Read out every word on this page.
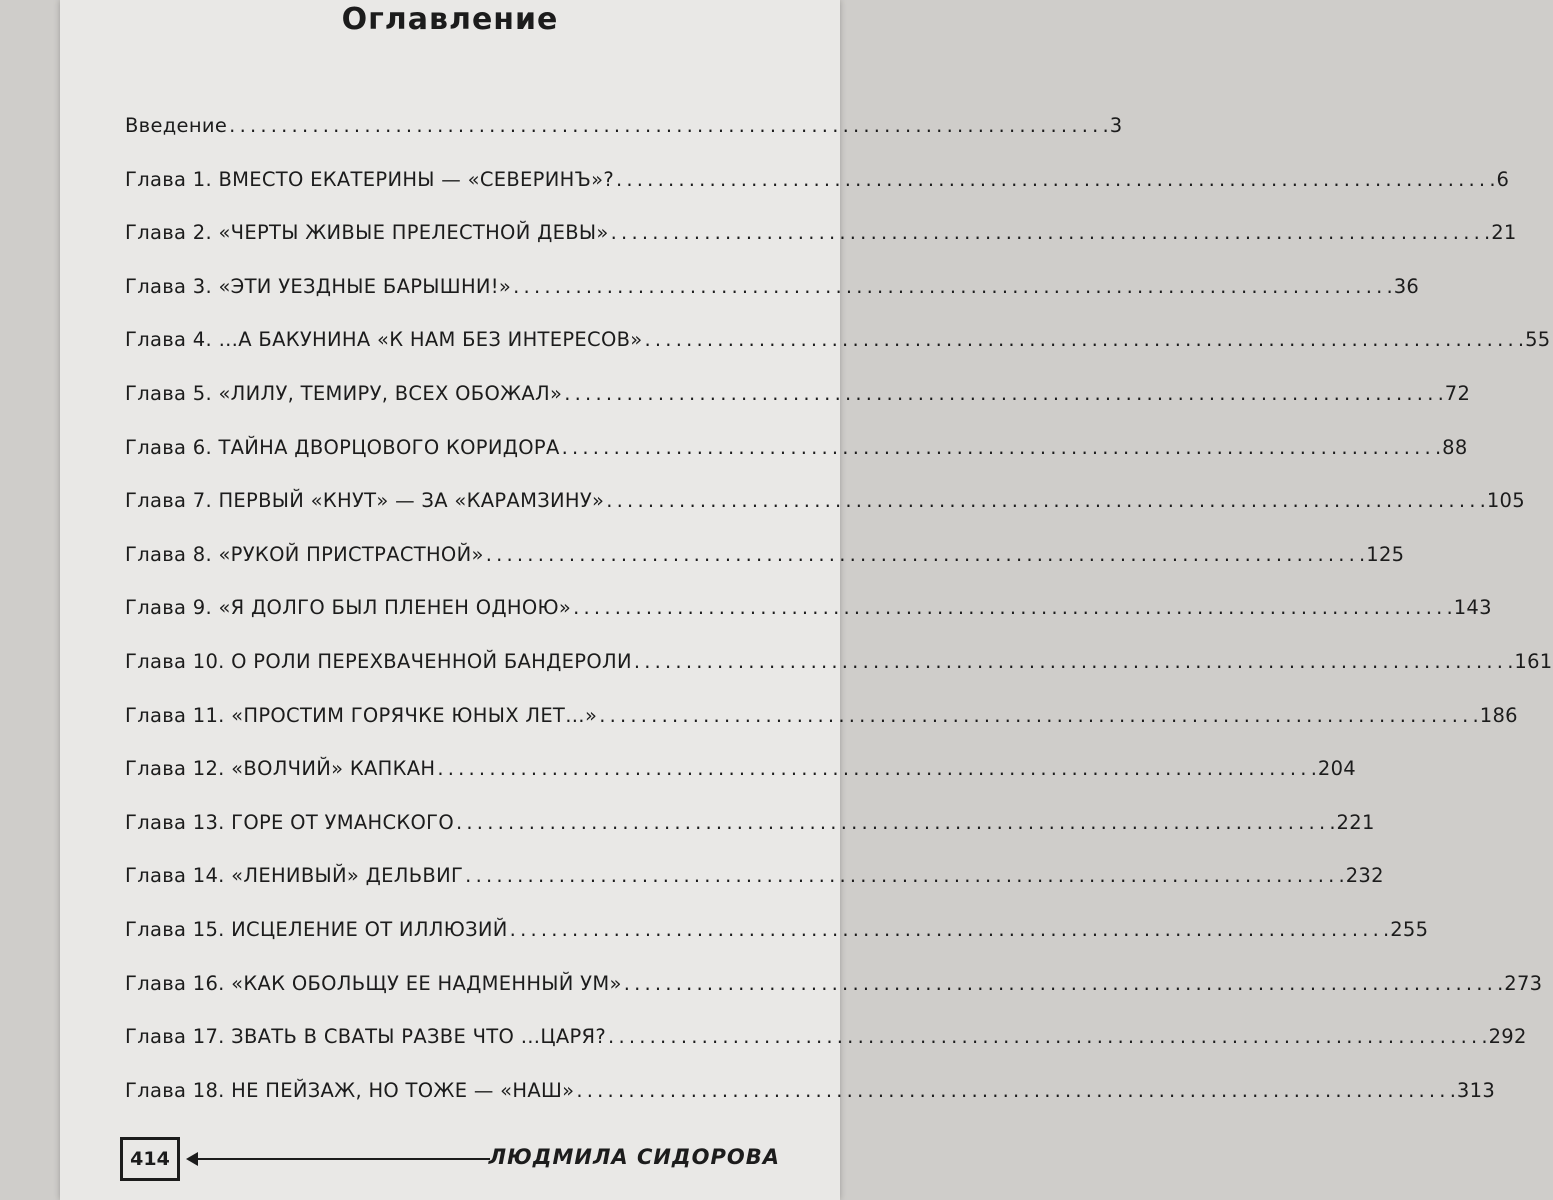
Оглавление
Введение . . .	3
Глава 1. ВМЕСТО ЕКАТЕРИНЫ — «СЕВЕРИНЪ»? . . .	6
Глава 2. «ЧЕРТЫ ЖИВЫЕ ПРЕЛЕСТНОЙ ДЕВЫ» . . .	21
Глава 3. «ЭТИ УЕЗДНЫЕ БАРЫШНИ!» . . .	36
Глава 4. …А БАКУНИНА «К НАМ БЕЗ ИНТЕРЕСОВ» . . .	55
Глава 5. «ЛИЛУ, ТЕМИРУ, ВСЕХ ОБОЖАЛ» . . .	72
Глава 6. ТАЙНА ДВОРЦОВОГО КОРИДОРА . . .	88
Глава 7. ПЕРВЫЙ «КНУТ» — ЗА «КАРАМЗИНУ» . . .	105
Глава 8. «РУКОЙ ПРИСТРАСТНОЙ» . . .	125
Глава 9. «Я ДОЛГО БЫЛ ПЛЕНЕН ОДНОЮ» . . .	143
Глава 10. О РОЛИ ПЕРЕХВАЧЕННОЙ БАНДЕРОЛИ . . .	161
Глава 11. «ПРОСТИМ ГОРЯЧКЕ ЮНЫХ ЛЕТ…» . . .	186
Глава 12. «ВОЛЧИЙ» КАПКАН . . .	204
Глава 13. ГОРЕ ОТ УМАНСКОГО . . .	221
Глава 14. «ЛЕНИВЫЙ» ДЕЛЬВИГ . . .	232
Глава 15. ИСЦЕЛЕНИЕ ОТ ИЛЛЮЗИЙ . . .	255
Глава 16. «КАК ОБОЛЬЩУ ЕЕ НАДМЕННЫЙ УМ» . . .	273
Глава 17. ЗВАТЬ В СВАТЫ РАЗВЕ ЧТО …ЦАРЯ? . . .	292
Глава 18. НЕ ПЕЙЗАЖ, НО ТОЖЕ — «НАШ» . . .	313
414	ЛЮДМИЛА СИДОРОВА
